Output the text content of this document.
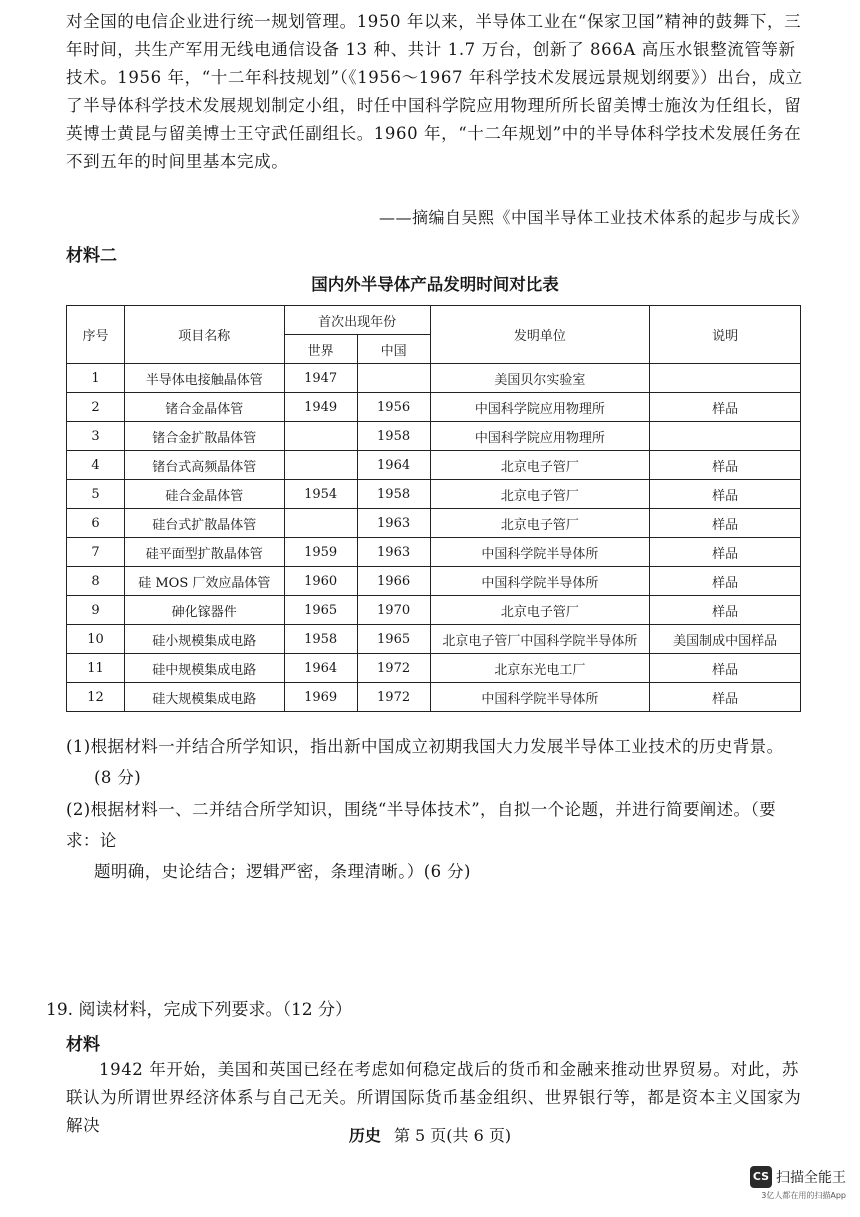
对全国的电信企业进行统一规划管理。1950 年以来，半导体工业在“保家卫国”精神的鼓舞下，三年时间，共生产军用无线电通信设备 13 种、共计 1.7 万台，创新了 866A 高压水银整流管等新技术。1956 年，“十二年科技规划”（《1956～1967 年科学技术发展远景规划纲要》）出台，成立了半导体科学技术发展规划制定小组，时任中国科学院应用物理所所长留美博士施汝为任组长，留英博士黄昆与留美博士王守武任副组长。1960 年，“十二年规划”中的半导体科学技术发展任务在不到五年的时间里基本完成。

——摘编自吴熙《中国半导体工业技术体系的起步与成长》
材料二
国内外半导体产品发明时间对比表
序号	项目名称	首次出现年份		发明单位	说明
		世界	中国		
1	半导体电接触晶体管	1947		美国贝尔实验室	
2	锗合金晶体管	1949	1956	中国科学院应用物理所	样品
3	锗合金扩散晶体管		1958	中国科学院应用物理所	
4	锗台式高频晶体管		1964	北京电子管厂	样品
5	硅合金晶体管	1954	1958	北京电子管厂	样品
6	硅台式扩散晶体管		1963	北京电子管厂	样品
7	硅平面型扩散晶体管	1959	1963	中国科学院半导体所	样品
8	硅 MOS 厂效应晶体管	1960	1966	中国科学院半导体所	样品
9	砷化镓器件	1965	1970	北京电子管厂	样品
10	硅小规模集成电路	1958	1965	北京电子管厂中国科学院半导体所	美国制成中国样品
11	硅中规模集成电路	1964	1972	北京东光电工厂	样品
12	硅大规模集成电路	1969	1972	中国科学院半导体所	样品

(1)根据材料一并结合所学知识，指出新中国成立初期我国大力发展半导体工业技术的历史背景。
(8 分)

(2)根据材料一、二并结合所学知识，围绕“半导体技术”，自拟一个论题，并进行简要阐述。（要求：论
题明确，史论结合；逻辑严密，条理清晰。）(6 分)

19. 阅读材料，完成下列要求。（12 分）
材料

1942 年开始，美国和英国已经在考虑如何稳定战后的货币和金融来推动世界贸易。对此，苏联认为所谓世界经济体系与自己无关。所谓国际货币基金组织、世界银行等，都是资本主义国家为解决

历史 第 5 页(共 6 页)
CS 扫描全能王
3亿人都在用的扫描App
